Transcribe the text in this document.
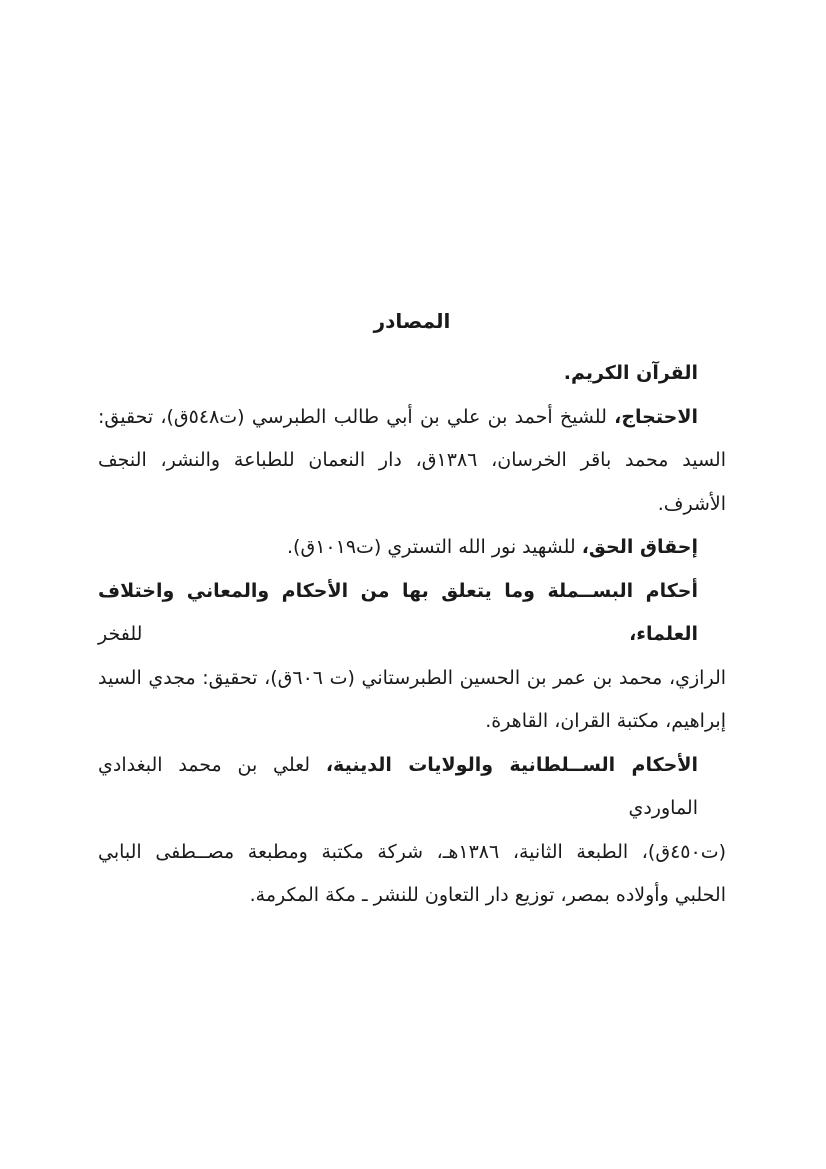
المصادر
القرآن الكريم.
الاحتجاج، للشيخ أحمد بن علي بن أبي طالب الطبرسي (ت٥٤٨ق)، تحقيق:
السيد محمد باقر الخرسان، ١٣٨٦ق، دار النعمان للطباعة والنشر، النجف
الأشرف.
إحقاق الحق، للشهيد نور الله التستري (ت١٠١٩ق).
أحكام البســملة وما يتعلق بها من الأحكام والمعاني واختلاف العلماء، للفخر
الرازي، محمد بن عمر بن الحسين الطبرستاني (ت ٦٠٦ق)، تحقيق: مجدي السيد
إبراهيم، مكتبة القران، القاهرة.
الأحكام الســلطانية والولايات الدينية، لعلي بن محمد البغدادي الماوردي
(ت٤٥٠ق)، الطبعة الثانية، ١٣٨٦هـ، شركة مكتبة ومطبعة مصــطفى البابي
الحلبي وأولاده بمصر، توزيع دار التعاون للنشر ـ مكة المكرمة.
